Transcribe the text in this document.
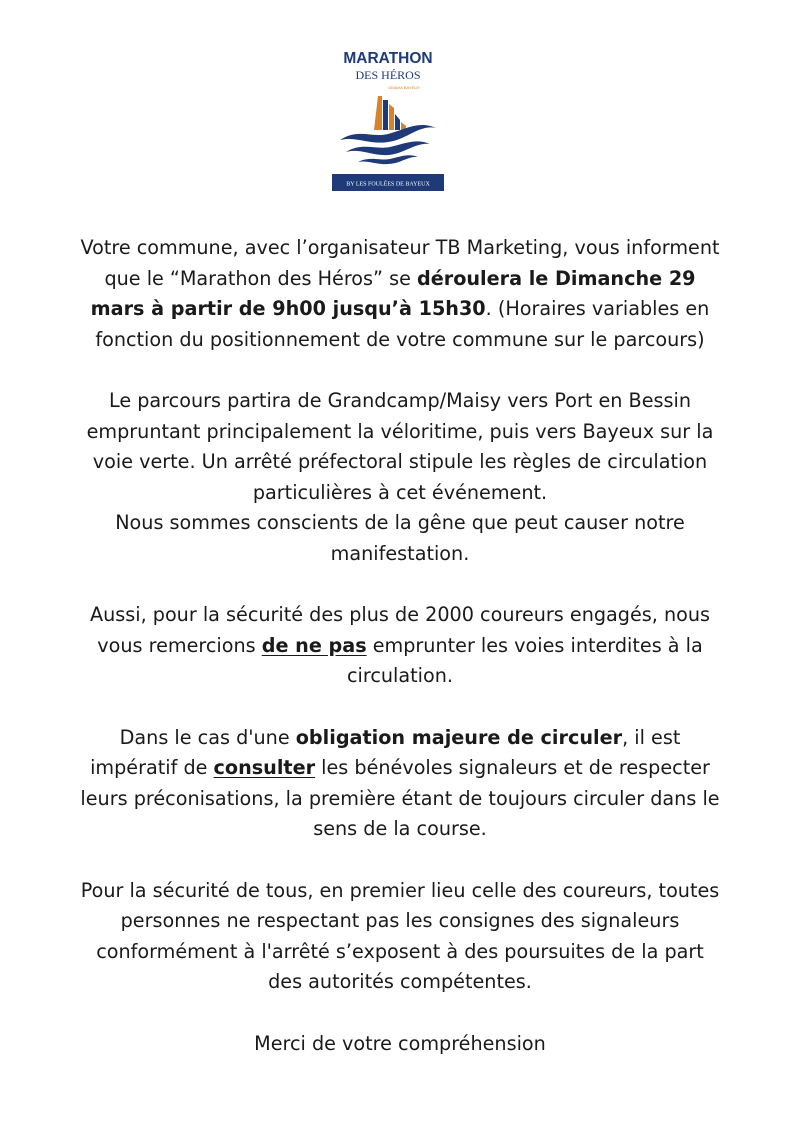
MARATHON
DES HÉROS
OMAHA BAYEUX
BY LES FOULÉES DE BAYEUX

Votre commune, avec l’organisateur TB Marketing, vous informent que le “Marathon des Héros” se déroulera le Dimanche 29 mars à partir de 9h00 jusqu’à 15h30. (Horaires variables en fonction du positionnement de votre commune sur le parcours)

Le parcours partira de Grandcamp/Maisy vers Port en Bessin empruntant principalement la véloritime, puis vers Bayeux sur la voie verte. Un arrêté préfectoral stipule les règles de circulation particulières à cet événement.
Nous sommes conscients de la gêne que peut causer notre manifestation.

Aussi, pour la sécurité des plus de 2000 coureurs engagés, nous vous remercions de ne pas emprunter les voies interdites à la circulation.

Dans le cas d'une obligation majeure de circuler, il est impératif de consulter les bénévoles signaleurs et de respecter leurs préconisations, la première étant de toujours circuler dans le sens de la course.

Pour la sécurité de tous, en premier lieu celle des coureurs, toutes personnes ne respectant pas les consignes des signaleurs conformément à l'arrêté s’exposent à des poursuites de la part des autorités compétentes.

Merci de votre compréhension
